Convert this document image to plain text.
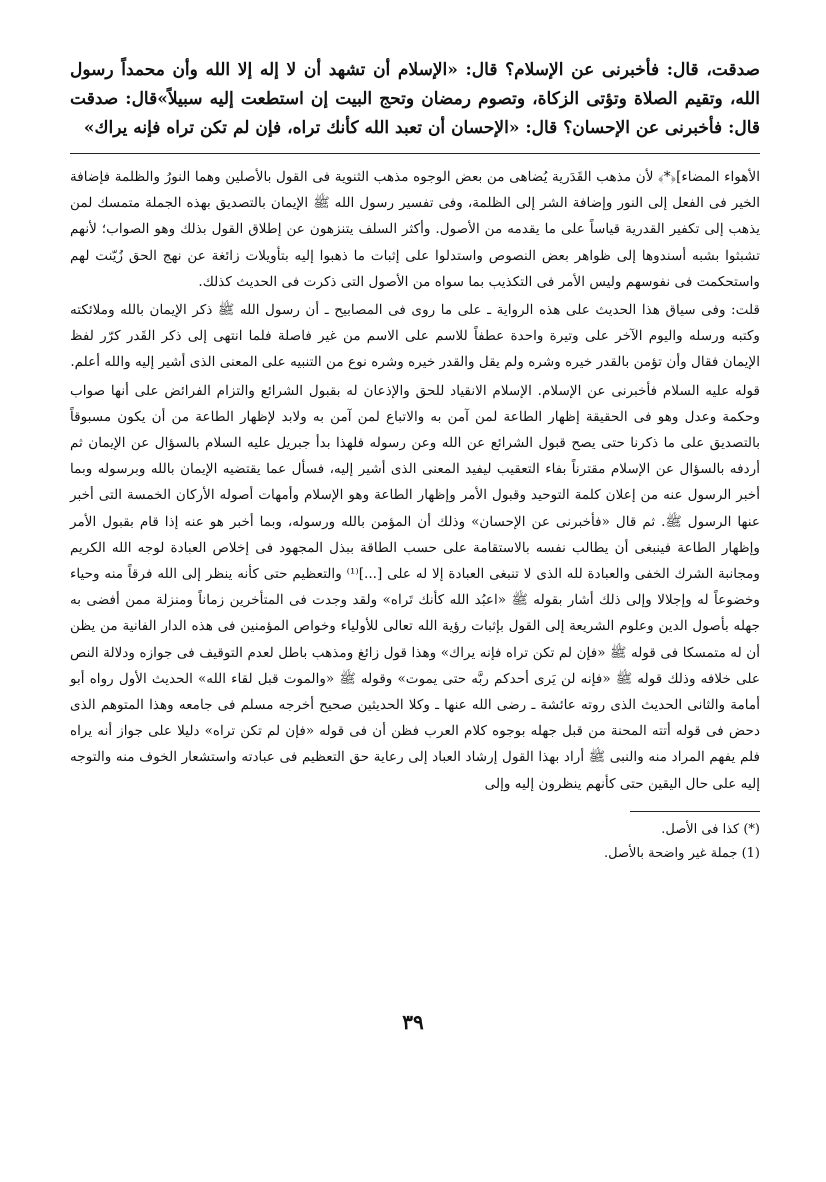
صدقت، قال: فأخبرنى عن الإسلام؟ قال: «الإسلام أن تشهد أن لا إله إلا الله وأن محمداً رسول

الله، وتقيم الصلاة وتؤتى الزكاة، وتصوم رمضان وتحج البيت إن استطعت إليه سبيلاً»قال: صدقت

قال: فأخبرنى عن الإحسان؟ قال: «الإحسان أن تعبد الله كأنك تراه، فإن لم تكن تراه فإنه يراك»

الأهواء المضاء]﴿*﴾ لأن مذهب القَدَرية يُضاهى من بعض الوجوه مذهب الثنوية فى القول بالأصلين وهما النورُ والظلمة فإضافة الخير فى الفعل إلى النور وإضافة الشر إلى الظلمة، وفى تفسير رسول الله ﷺ الإيمان بالتصديق بهذه الجملة متمسك لمن يذهب إلى تكفير القدرية قياساً على ما يقدمه من الأصول. وأكثر السلف يتنزهون عن إطلاق القول بذلك وهو الصواب؛ لأنهم تشبثوا بشبه أسندوها إلى ظواهر بعض النصوص واستدلوا على إثبات ما ذهبوا إليه بتأويلات زائغة عن نهج الحق زُيّنت لهم واستحكمت فى نفوسهم وليس الأمر فى التكذيب بما سواه من الأصول التى ذكرت فى الحديث كذلك.

قلت: وفى سياق هذا الحديث على هذه الرواية ـ على ما روى فى المصابيح ـ أن رسول الله ﷺ ذكر الإيمان بالله وملائكته وكتبه ورسله واليوم الآخر على وتيرة واحدة عطفاً للاسم على الاسم من غير فاصلة فلما انتهى إلى ذكر القَدر كرّر لفظ الإيمان فقال وأن تؤمن بالقدر خيره وشره ولم يقل والقدر خيره وشره نوع من التنبيه على المعنى الذى أشير إليه والله أعلم.

قوله عليه السلام فأخبرنى عن الإسلام. الإسلام الانقياد للحق والإذعان له بقبول الشرائع والتزام الفرائض على أنها صواب وحكمة وعدل وهو فى الحقيقة إظهار الطاعة لمن آمن به والاتباع لمن آمن به ولابد لإظهار الطاعة من أن يكون مسبوقاً بالتصديق على ما ذكرنا حتى يصح قبول الشرائع عن الله وعن رسوله فلهذا بدأ جبريل عليه السلام بالسؤال عن الإيمان ثم أردفه بالسؤال عن الإسلام مقترناً بفاء التعقيب ليفيد المعنى الذى أشير إليه، فسأل عما يقتضيه الإيمان بالله وبرسوله وبما أخبر الرسول عنه من إعلان كلمة التوحيد وقبول الأمر وإظهار الطاعة وهو الإسلام وأمهات أصوله الأركان الخمسة التى أخبر عنها الرسول ﷺ. ثم قال «فأخبرنى عن الإحسان» وذلك أن المؤمن بالله ورسوله، وبما أخبر هو عنه إذا قام بقبول الأمر وإظهار الطاعة فينبغى أن يطالب نفسه بالاستقامة على حسب الطاقة ببذل المجهود فى إخلاص العبادة لوجه الله الكريم ومجانبة الشرك الخفى والعبادة لله الذى لا تنبغى العبادة إلا له على [...]⁽¹⁾ والتعظيم حتى كأنه ينظر إلى الله فرقاً منه وحياء وخضوعاً له وإجلالا وإلى ذلك أشار بقوله ﷺ «اعبُد الله كأنك تَراه» ولقد وجدت فى المتأخرين زماناً ومنزلة ممن أفضى به جهله بأصول الدين وعلوم الشريعة إلى القول بإثبات رؤية الله تعالى للأولياء وخواص المؤمنين فى هذه الدار الفانية من يظن أن له متمسكا فى قوله ﷺ «فإن لم تكن تراه فإنه يراك» وهذا قول زائغ ومذهب باطل لعدم التوقيف فى جوازه ودلالة النص على خلافه وذلك قوله ﷺ «فإنه لن يَرى أحدكم ربَّه حتى يموت» وقوله ﷺ «والموت قبل لقاء الله» الحديث الأول رواه أبو أمامة والثانى الحديث الذى روته عائشة ـ رضى الله عنها ـ وكلا الحديثين صحيح أخرجه مسلم فى جامعه وهذا المتوهم الذى دحض فى قوله أتته المحنة من قبل جهله بوجوه كلام العرب فظن أن فى قوله «فإن لم تكن تراه» دليلا على جواز أنه يراه فلم يفهم المراد منه والنبى ﷺ أراد بهذا القول إرشاد العباد إلى رعاية حق التعظيم فى عبادته واستشعار الخوف منه والتوجه إليه على حال اليقين حتى كأنهم ينظرون إليه وإلى

(*) كذا فى الأصل.

(1) جملة غير واضحة بالأصل.

٣٩
